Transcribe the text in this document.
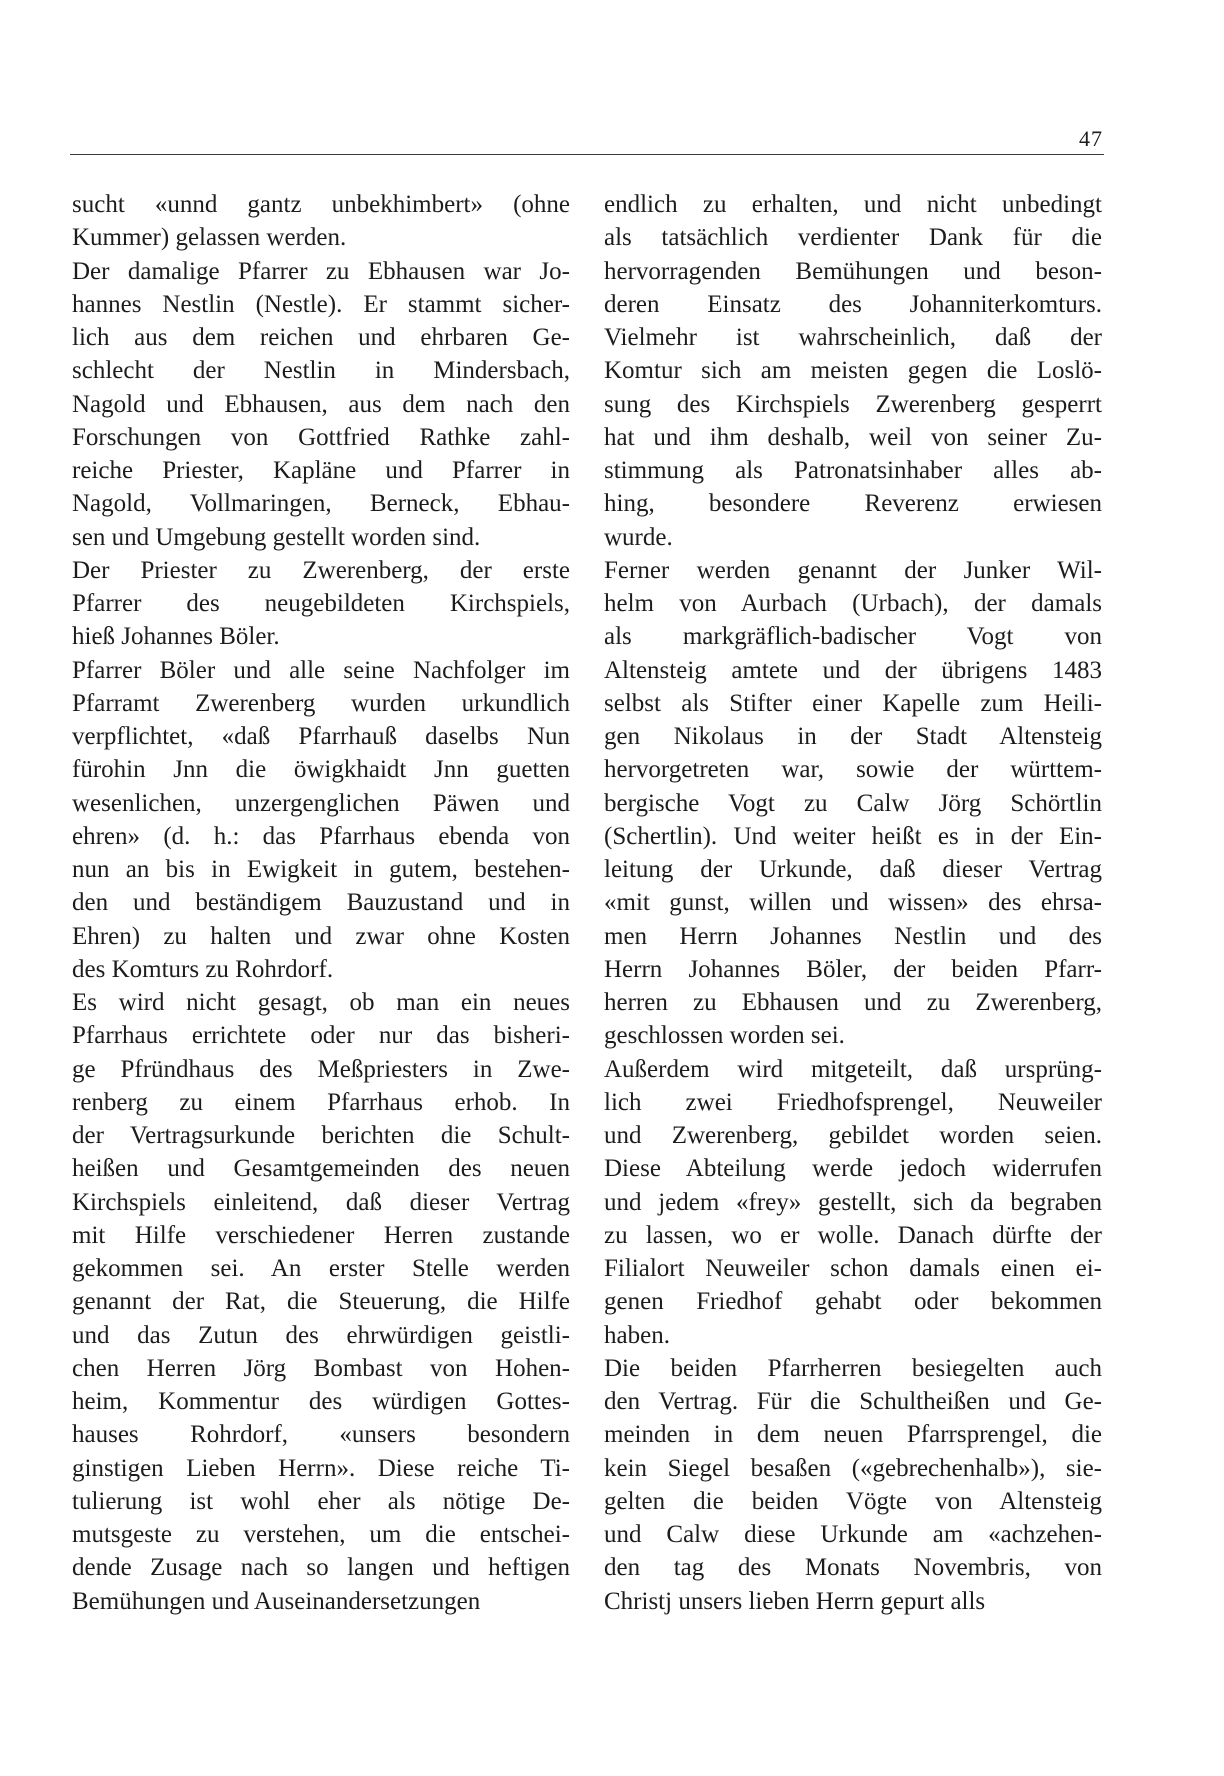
47
sucht «unnd gantz unbekhimbert» (ohne
Kummer) gelassen werden.
Der damalige Pfarrer zu Ebhausen war Jo-
hannes Nestlin (Nestle). Er stammt sicher-
lich aus dem reichen und ehrbaren Ge-
schlecht der Nestlin in Mindersbach,
Nagold und Ebhausen, aus dem nach den
Forschungen von Gottfried Rathke zahl-
reiche Priester, Kapläne und Pfarrer in
Nagold, Vollmaringen, Berneck, Ebhau-
sen und Umgebung gestellt worden sind.
Der Priester zu Zwerenberg, der erste
Pfarrer des neugebildeten Kirchspiels,
hieß Johannes Böler.
Pfarrer Böler und alle seine Nachfolger im
Pfarramt Zwerenberg wurden urkundlich
verpflichtet, «daß Pfarrhauß daselbs Nun
fürohin Jnn die öwigkhaidt Jnn guetten
wesenlichen, unzergenglichen Päwen und
ehren» (d. h.: das Pfarrhaus ebenda von
nun an bis in Ewigkeit in gutem, bestehen-
den und beständigem Bauzustand und in
Ehren) zu halten und zwar ohne Kosten
des Komturs zu Rohrdorf.
Es wird nicht gesagt, ob man ein neues
Pfarrhaus errichtete oder nur das bisheri-
ge Pfründhaus des Meßpriesters in Zwe-
renberg zu einem Pfarrhaus erhob. In
der Vertragsurkunde berichten die Schult-
heißen und Gesamtgemeinden des neuen
Kirchspiels einleitend, daß dieser Vertrag
mit Hilfe verschiedener Herren zustande
gekommen sei. An erster Stelle werden
genannt der Rat, die Steuerung, die Hilfe
und das Zutun des ehrwürdigen geistli-
chen Herren Jörg Bombast von Hohen-
heim, Kommentur des würdigen Gottes-
hauses Rohrdorf, «unsers besondern
ginstigen Lieben Herrn». Diese reiche Ti-
tulierung ist wohl eher als nötige De-
mutsgeste zu verstehen, um die entschei-
dende Zusage nach so langen und heftigen
Bemühungen und Auseinandersetzungen
endlich zu erhalten, und nicht unbedingt
als tatsächlich verdienter Dank für die
hervorragenden Bemühungen und beson-
deren Einsatz des Johanniterkomturs.
Vielmehr ist wahrscheinlich, daß der
Komtur sich am meisten gegen die Loslö-
sung des Kirchspiels Zwerenberg gesperrt
hat und ihm deshalb, weil von seiner Zu-
stimmung als Patronatsinhaber alles ab-
hing, besondere Reverenz erwiesen
wurde.
Ferner werden genannt der Junker Wil-
helm von Aurbach (Urbach), der damals
als markgräflich-badischer Vogt von
Altensteig amtete und der übrigens 1483
selbst als Stifter einer Kapelle zum Heili-
gen Nikolaus in der Stadt Altensteig
hervorgetreten war, sowie der württem-
bergische Vogt zu Calw Jörg Schörtlin
(Schertlin). Und weiter heißt es in der Ein-
leitung der Urkunde, daß dieser Vertrag
«mit gunst, willen und wissen» des ehrsa-
men Herrn Johannes Nestlin und des
Herrn Johannes Böler, der beiden Pfarr-
herren zu Ebhausen und zu Zwerenberg,
geschlossen worden sei.
Außerdem wird mitgeteilt, daß ursprüng-
lich zwei Friedhofsprengel, Neuweiler
und Zwerenberg, gebildet worden seien.
Diese Abteilung werde jedoch widerrufen
und jedem «frey» gestellt, sich da begraben
zu lassen, wo er wolle. Danach dürfte der
Filialort Neuweiler schon damals einen ei-
genen Friedhof gehabt oder bekommen
haben.
Die beiden Pfarrherren besiegelten auch
den Vertrag. Für die Schultheißen und Ge-
meinden in dem neuen Pfarrsprengel, die
kein Siegel besaßen («gebrechenhalb»), sie-
gelten die beiden Vögte von Altensteig
und Calw diese Urkunde am «achzehen-
den tag des Monats Novembris, von
Christj unsers lieben Herrn gepurt alls
